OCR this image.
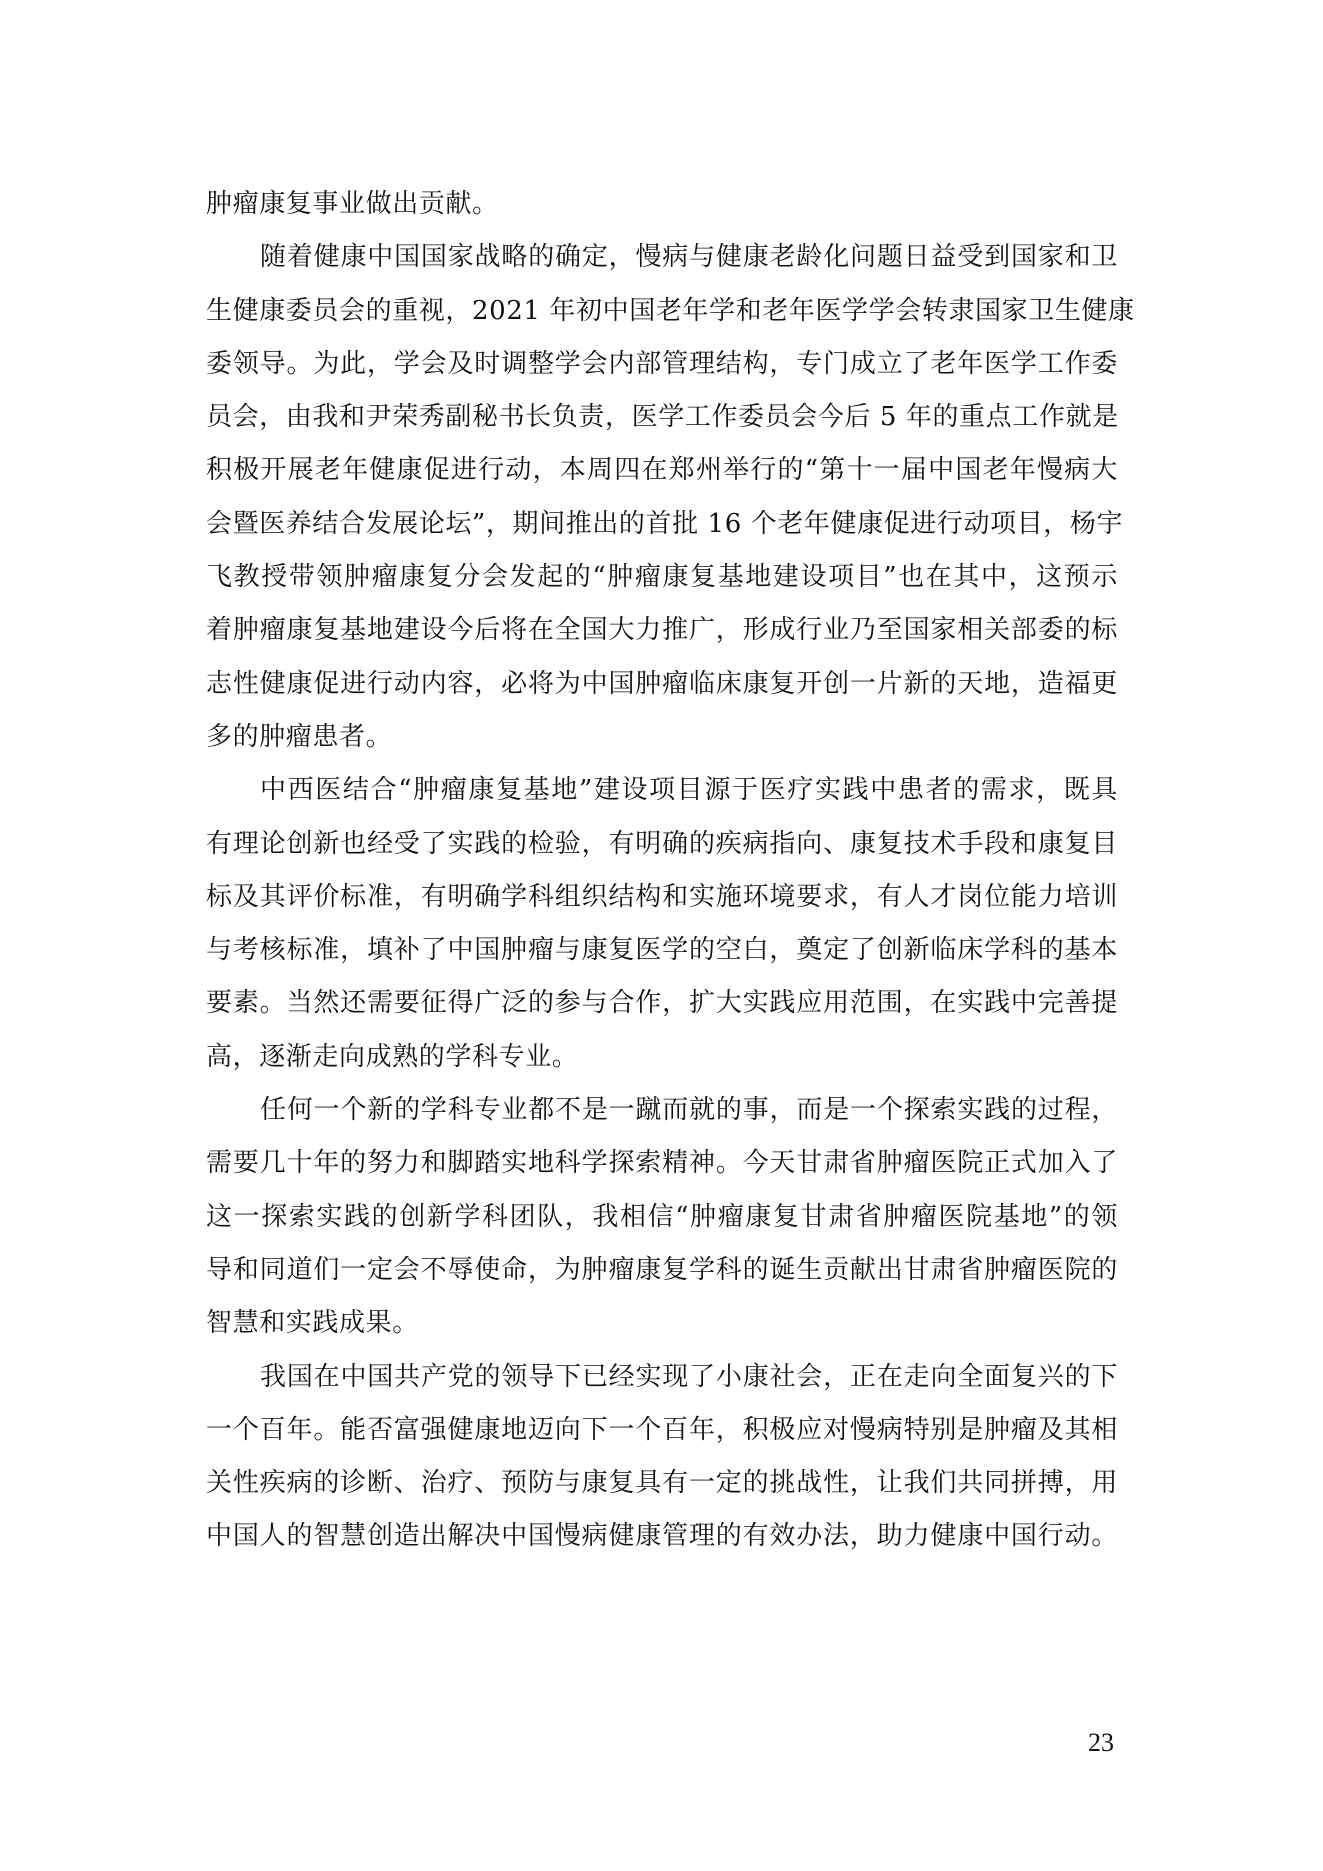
肿瘤康复事业做出贡献。
随着健康中国国家战略的确定，慢病与健康老龄化问题日益受到国家和卫
生健康委员会的重视，2021 年初中国老年学和老年医学学会转隶国家卫生健康
委领导。为此，学会及时调整学会内部管理结构，专门成立了老年医学工作委
员会，由我和尹荣秀副秘书长负责，医学工作委员会今后 5 年的重点工作就是
积极开展老年健康促进行动，本周四在郑州举行的“第十一届中国老年慢病大
会暨医养结合发展论坛”，期间推出的首批 16 个老年健康促进行动项目，杨宇
飞教授带领肿瘤康复分会发起的“肿瘤康复基地建设项目”也在其中，这预示
着肿瘤康复基地建设今后将在全国大力推广，形成行业乃至国家相关部委的标
志性健康促进行动内容，必将为中国肿瘤临床康复开创一片新的天地，造福更
多的肿瘤患者。
中西医结合“肿瘤康复基地”建设项目源于医疗实践中患者的需求，既具
有理论创新也经受了实践的检验，有明确的疾病指向、康复技术手段和康复目
标及其评价标准，有明确学科组织结构和实施环境要求，有人才岗位能力培训
与考核标准，填补了中国肿瘤与康复医学的空白，奠定了创新临床学科的基本
要素。当然还需要征得广泛的参与合作，扩大实践应用范围，在实践中完善提
高，逐渐走向成熟的学科专业。
任何一个新的学科专业都不是一蹴而就的事，而是一个探索实践的过程，
需要几十年的努力和脚踏实地科学探索精神。今天甘肃省肿瘤医院正式加入了
这一探索实践的创新学科团队，我相信“肿瘤康复甘肃省肿瘤医院基地”的领
导和同道们一定会不辱使命，为肿瘤康复学科的诞生贡献出甘肃省肿瘤医院的
智慧和实践成果。
我国在中国共产党的领导下已经实现了小康社会，正在走向全面复兴的下
一个百年。能否富强健康地迈向下一个百年，积极应对慢病特别是肿瘤及其相
关性疾病的诊断、治疗、预防与康复具有一定的挑战性，让我们共同拼搏，用
中国人的智慧创造出解决中国慢病健康管理的有效办法，助力健康中国行动。
23
